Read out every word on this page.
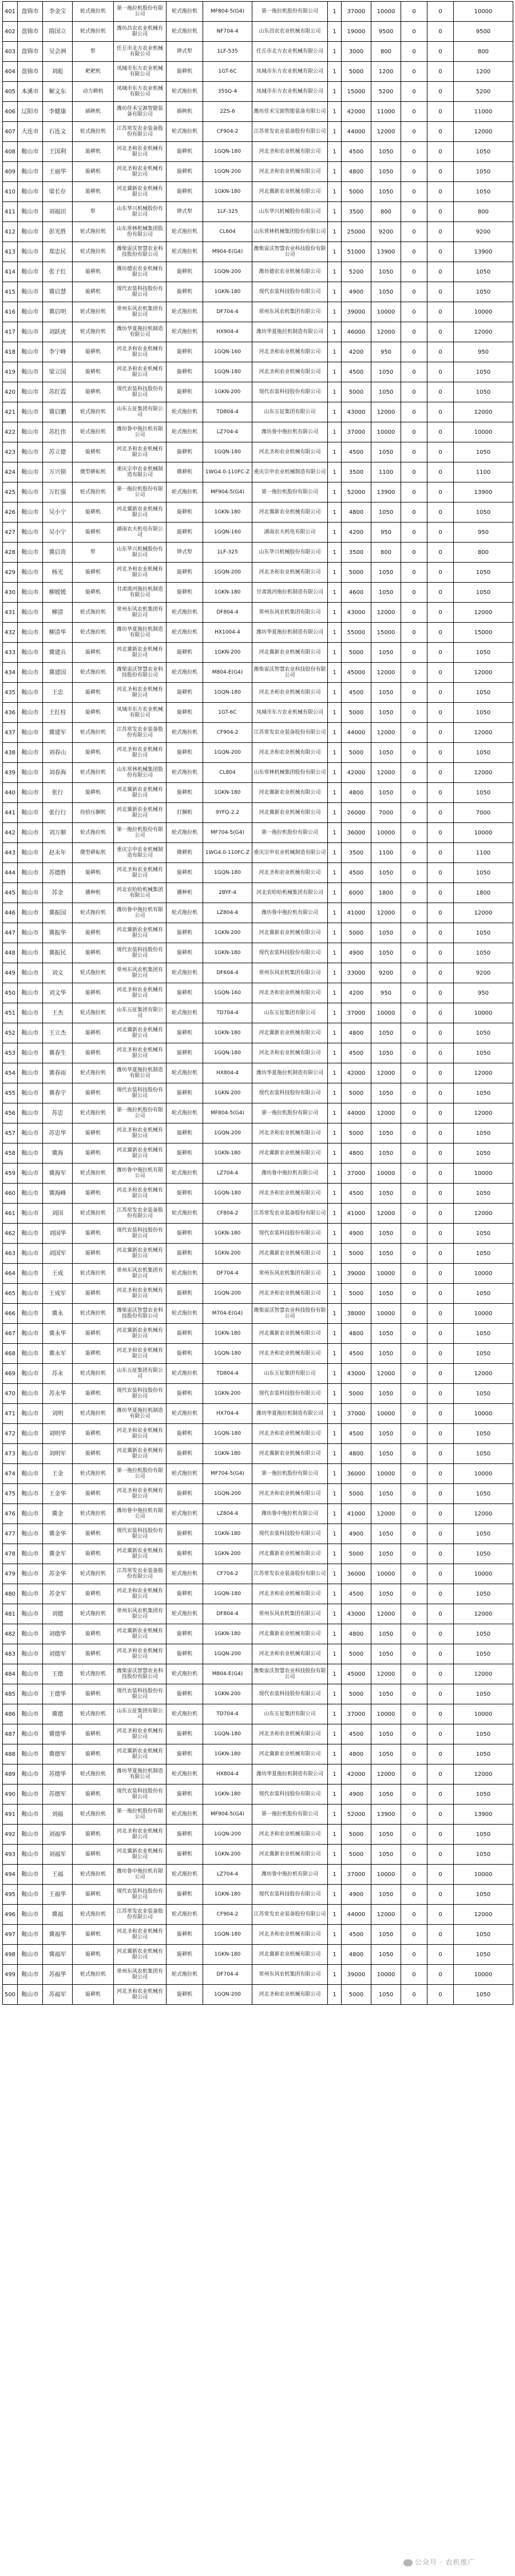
401	盘锦市	李金宝	轮式拖拉机	第一拖拉机股份有限公司	轮式拖拉机	MF804-5(G4)	第一拖拉机股份有限公司	1	37000	10000	0	0	10000
402	盘锦市	隋国立	轮式拖拉机	潍坊昌农农业机械有限公司	轮式拖拉机	NF704-4	山东昌农农业机械有限公司	1	19000	9500	0	0	9500
403	盘锦市	吴会洲	犁	任丘市北方农业机械有限公司	铧式犁	1LF-535	任丘市北方农业机械有限公司	1	3000	800	0	0	800
404	盘锦市	刘彪	耙耙机	凤城市东方农业机械有限公司	旋耕机	1GT-6C	凤城市东方农业机械有限公司	1	5000	1200	0	0	1200
405	本溪市	解文东	动力耕机	凤城市东方农业机械有限公司	轮式拖拉机	35SQ-4	凤城市东方农业机械有限公司	1	15000	5200	0	0	5200
406	辽阳市	李健康	插秧机	潍坊佳禾宝源智能装备有限公司	插秧机	2ZS-6	潍坊佳禾宝源智能装备有限公司	1	42000	11000	0	0	11000
407	大连市	石连文	轮式拖拉机	江苏常发农业装备股份有限公司	轮式拖拉机	CF904-2	江苏常发农业装备股份有限公司	1	44000	12000	0	0	12000
408	鞍山市	王国利	旋耕机	河北圣和农业机械有限公司	旋耕机	1GQN-180	河北圣和农业机械有限公司	1	4500	1050	0	0	1050
409	鞍山市	王丽华	旋耕机	河北圣和农业机械有限公司	旋耕机	1GQN-200	河北圣和农业机械有限公司	1	4800	1050	0	0	1050
410	鞍山市	梁长存	旋耕机	河北冀新农业机械有限公司	旋耕机	1GKN-180	河北冀新农业机械有限公司	1	5000	1050	0	0	1050
411	鞍山市	刘福田	犁	山东华兴机械股份有限公司	铧式犁	1LF-325	山东华兴机械股份有限公司	1	3500	800	0	0	800
412	鞍山市	彭光胜	轮式拖拉机	山东常林机械集团股份有限公司	轮式拖拉机	CL604	山东常林机械集团股份有限公司	1	25000	9200	0	0	9200
413	鞍山市	郑忠民	轮式拖拉机	潍柴雷沃智慧农业科技股份有限公司	轮式拖拉机	M904-E(G4)	潍柴雷沃智慧农业科技股份有限公司	1	51000	13900	0	0	13900
414	鞍山市	张子红	旋耕机	潍坊德农农业机械有限公司	旋耕机	1GQN-200	潍坊德农农业机械有限公司	1	5200	1050	0	0	1050
415	鞍山市	冀启慧	旋耕机	现代农装科技股份有限公司	旋耕机	1GKN-180	现代农装科技股份有限公司	1	4900	1050	0	0	1050
416	鞍山市	冀启明	轮式拖拉机	常州东风农机集团有限公司	轮式拖拉机	DF704-4	常州东风农机集团有限公司	1	39000	10000	0	0	10000
417	鞍山市	刘跃虎	轮式拖拉机	潍坊华夏拖拉机制造有限公司	轮式拖拉机	HX904-4	潍坊华夏拖拉机制造有限公司	1	46000	12000	0	0	12000
418	鞍山市	李宁峰	旋耕机	河北圣和农业机械有限公司	旋耕机	1GQN-160	河北圣和农业机械有限公司	1	4200	950	0	0	950
419	鞍山市	梁立国	旋耕机	河北圣和农业机械有限公司	旋耕机	1GQN-180	河北圣和农业机械有限公司	1	4500	1050	0	0	1050
420	鞍山市	苏红霞	旋耕机	现代农装科技股份有限公司	旋耕机	1GKN-200	现代农装科技股份有限公司	1	5000	1050	0	0	1050
421	鞍山市	冀启鹏	轮式拖拉机	山东五征集团有限公司	轮式拖拉机	TD804-4	山东五征集团有限公司	1	43000	12000	0	0	12000
422	鞍山市	苏红伟	轮式拖拉机	潍坊鲁中拖拉机有限公司	轮式拖拉机	LZ704-4	潍坊鲁中拖拉机有限公司	1	37000	10000	0	0	10000
423	鞍山市	苏立德	旋耕机	河北圣和农业机械有限公司	旋耕机	1GQN-180	河北圣和农业机械有限公司	1	4500	1050	0	0	1050
424	鞍山市	万兴锁	微型耕耘机	重庆宗申农业机械制造有限公司	微耕机	1WG4.0-110FC-Z	重庆宗申农业机械制造有限公司	1	3500	1100	0	0	1100
425	鞍山市	万红强	轮式拖拉机	第一拖拉机股份有限公司	轮式拖拉机	MF904-5(G4)	第一拖拉机股份有限公司	1	52000	13900	0	0	13900
426	鞍山市	吴小宁	旋耕机	河北冀新农业机械有限公司	旋耕机	1GKN-180	河北冀新农业机械有限公司	1	4800	1050	0	0	1050
427	鞍山市	吴小宁	旋耕机	湖南农夫机电有限公司	旋耕机	1GQN-160	湖南农夫机电有限公司	1	4200	950	0	0	950
428	鞍山市	冀启贵	犁	山东华兴机械股份有限公司	铧式犁	1LF-325	山东华兴机械股份有限公司	1	3500	800	0	0	800
429	鞍山市	杨光	旋耕机	河北圣和农业机械有限公司	旋耕机	1GQN-200	河北圣和农业机械有限公司	1	5000	1050	0	0	1050
430	鞍山市	柳媛媛	旋耕机	甘肃洮河拖拉机制造有限公司	旋耕机	1GKN-180	甘肃洮河拖拉机制造有限公司	1	4600	1050	0	0	1050
431	鞍山市	柳清	轮式拖拉机	常州东风农机集团有限公司	轮式拖拉机	DF804-4	常州东风农机集团有限公司	1	43000	12000	0	0	12000
432	鞍山市	柳清华	轮式拖拉机	潍坊华夏拖拉机制造有限公司	轮式拖拉机	HX1004-4	潍坊华夏拖拉机制造有限公司	1	55000	15000	0	0	15000
433	鞍山市	冀建兵	旋耕机	河北冀新农业机械有限公司	旋耕机	1GKN-200	河北冀新农业机械有限公司	1	5000	1050	0	0	1050
434	鞍山市	冀建国	轮式拖拉机	潍柴雷沃智慧农业科技股份有限公司	轮式拖拉机	M804-E(G4)	潍柴雷沃智慧农业科技股份有限公司	1	45000	12000	0	0	12000
435	鞍山市	王忠	旋耕机	河北圣和农业机械有限公司	旋耕机	1GQN-180	河北圣和农业机械有限公司	1	4500	1050	0	0	1050
436	鞍山市	王红柱	旋耕机	凤城市东方农业机械有限公司	旋耕机	1GT-6C	凤城市东方农业机械有限公司	1	5000	1050	0	0	1050
437	鞍山市	冀建军	轮式拖拉机	江苏常发农业装备股份有限公司	轮式拖拉机	CF904-2	江苏常发农业装备股份有限公司	1	44000	12000	0	0	12000
438	鞍山市	刘春山	旋耕机	河北圣和农业机械有限公司	旋耕机	1GQN-200	河北圣和农业机械有限公司	1	5000	1050	0	0	1050
439	鞍山市	刘春海	轮式拖拉机	山东常林机械集团股份有限公司	轮式拖拉机	CL804	山东常林机械集团股份有限公司	1	42000	12000	0	0	12000
440	鞍山市	张行	旋耕机	河北冀新农业机械有限公司	旋耕机	1GKN-180	河北冀新农业机械有限公司	1	4800	1050	0	0	1050
441	鞍山市	张行行	捡拾压捆机	河北冀新农业机械有限公司	打捆机	9YFQ-2.2	河北冀新农业机械有限公司	1	26000	7000	0	0	7000
442	鞍山市	刘万顺	轮式拖拉机	第一拖拉机股份有限公司	轮式拖拉机	MF704-5(G4)	第一拖拉机股份有限公司	1	36000	10000	0	0	10000
443	鞍山市	赵永年	微型耕耘机	重庆宗申农业机械制造有限公司	微耕机	1WG4.0-110FC-Z	重庆宗申农业机械制造有限公司	1	3500	1100	0	0	1100
444	鞍山市	苏德胜	旋耕机	河北圣和农业机械有限公司	旋耕机	1GQN-180	河北圣和农业机械有限公司	1	4500	1050	0	0	1050
445	鞍山市	苏金	播种机	河北农哈哈机械集团有限公司	播种机	2BYF-4	河北农哈哈机械集团有限公司	1	6000	1800	0	0	1800
446	鞍山市	冀振国	轮式拖拉机	潍坊鲁中拖拉机有限公司	轮式拖拉机	LZ804-4	潍坊鲁中拖拉机有限公司	1	41000	12000	0	0	12000
447	鞍山市	冀振华	旋耕机	河北冀新农业机械有限公司	旋耕机	1GKN-200	河北冀新农业机械有限公司	1	5000	1050	0	0	1050
448	鞍山市	冀振民	旋耕机	现代农装科技股份有限公司	旋耕机	1GKN-180	现代农装科技股份有限公司	1	4900	1050	0	0	1050
449	鞍山市	刘文	轮式拖拉机	常州东风农机集团有限公司	轮式拖拉机	DF604-4	常州东风农机集团有限公司	1	33000	9200	0	0	9200
450	鞍山市	刘文华	旋耕机	河北圣和农业机械有限公司	旋耕机	1GQN-160	河北圣和农业机械有限公司	1	4200	950	0	0	950
451	鞍山市	王杰	轮式拖拉机	山东五征集团有限公司	轮式拖拉机	TD704-4	山东五征集团有限公司	1	37000	10000	0	0	10000
452	鞍山市	王立杰	旋耕机	河北冀新农业机械有限公司	旋耕机	1GKN-180	河北冀新农业机械有限公司	1	4800	1050	0	0	1050
453	鞍山市	冀春生	旋耕机	河北圣和农业机械有限公司	旋耕机	1GQN-180	河北圣和农业机械有限公司	1	4500	1050	0	0	1050
454	鞍山市	冀春雨	轮式拖拉机	潍坊华夏拖拉机制造有限公司	轮式拖拉机	HX804-4	潍坊华夏拖拉机制造有限公司	1	42000	12000	0	0	12000
455	鞍山市	冀春宇	旋耕机	现代农装科技股份有限公司	旋耕机	1GKN-200	现代农装科技股份有限公司	1	5000	1050	0	0	1050
456	鞍山市	苏忠	轮式拖拉机	第一拖拉机股份有限公司	轮式拖拉机	MF804-5(G4)	第一拖拉机股份有限公司	1	44000	12000	0	0	12000
457	鞍山市	苏忠华	旋耕机	河北圣和农业机械有限公司	旋耕机	1GQN-200	河北圣和农业机械有限公司	1	5000	1050	0	0	1050
458	鞍山市	冀海	旋耕机	河北冀新农业机械有限公司	旋耕机	1GKN-180	河北冀新农业机械有限公司	1	4800	1050	0	0	1050
459	鞍山市	冀海军	轮式拖拉机	潍坊鲁中拖拉机有限公司	轮式拖拉机	LZ704-4	潍坊鲁中拖拉机有限公司	1	37000	10000	0	0	10000
460	鞍山市	冀海峰	旋耕机	河北圣和农业机械有限公司	旋耕机	1GQN-180	河北圣和农业机械有限公司	1	4500	1050	0	0	1050
461	鞍山市	刘国	轮式拖拉机	江苏常发农业装备股份有限公司	轮式拖拉机	CF804-2	江苏常发农业装备股份有限公司	1	41000	12000	0	0	12000
462	鞍山市	刘国华	旋耕机	现代农装科技股份有限公司	旋耕机	1GKN-180	现代农装科技股份有限公司	1	4900	1050	0	0	1050
463	鞍山市	刘国军	旋耕机	河北冀新农业机械有限公司	旋耕机	1GKN-200	河北冀新农业机械有限公司	1	5000	1050	0	0	1050
464	鞍山市	王成	轮式拖拉机	常州东风农机集团有限公司	轮式拖拉机	DF704-4	常州东风农机集团有限公司	1	39000	10000	0	0	10000
465	鞍山市	王成军	旋耕机	河北圣和农业机械有限公司	旋耕机	1GQN-200	河北圣和农业机械有限公司	1	5000	1050	0	0	1050
466	鞍山市	冀永	轮式拖拉机	潍柴雷沃智慧农业科技股份有限公司	轮式拖拉机	M704-E(G4)	潍柴雷沃智慧农业科技股份有限公司	1	38000	10000	0	0	10000
467	鞍山市	冀永华	旋耕机	河北冀新农业机械有限公司	旋耕机	1GKN-180	河北冀新农业机械有限公司	1	4800	1050	0	0	1050
468	鞍山市	冀永军	旋耕机	河北圣和农业机械有限公司	旋耕机	1GQN-180	河北圣和农业机械有限公司	1	4500	1050	0	0	1050
469	鞍山市	苏永	轮式拖拉机	山东五征集团有限公司	轮式拖拉机	TD804-4	山东五征集团有限公司	1	43000	12000	0	0	12000
470	鞍山市	苏永华	旋耕机	现代农装科技股份有限公司	旋耕机	1GKN-200	现代农装科技股份有限公司	1	5000	1050	0	0	1050
471	鞍山市	刘明	轮式拖拉机	潍坊华夏拖拉机制造有限公司	轮式拖拉机	HX704-4	潍坊华夏拖拉机制造有限公司	1	37000	10000	0	0	10000
472	鞍山市	刘明华	旋耕机	河北圣和农业机械有限公司	旋耕机	1GQN-180	河北圣和农业机械有限公司	1	4500	1050	0	0	1050
473	鞍山市	刘明军	旋耕机	河北冀新农业机械有限公司	旋耕机	1GKN-180	河北冀新农业机械有限公司	1	4800	1050	0	0	1050
474	鞍山市	王金	轮式拖拉机	第一拖拉机股份有限公司	轮式拖拉机	MF704-5(G4)	第一拖拉机股份有限公司	1	36000	10000	0	0	10000
475	鞍山市	王金华	旋耕机	河北圣和农业机械有限公司	旋耕机	1GQN-200	河北圣和农业机械有限公司	1	5000	1050	0	0	1050
476	鞍山市	冀金	轮式拖拉机	潍坊鲁中拖拉机有限公司	轮式拖拉机	LZ804-4	潍坊鲁中拖拉机有限公司	1	41000	12000	0	0	12000
477	鞍山市	冀金华	旋耕机	现代农装科技股份有限公司	旋耕机	1GKN-180	现代农装科技股份有限公司	1	4900	1050	0	0	1050
478	鞍山市	冀金军	旋耕机	河北冀新农业机械有限公司	旋耕机	1GKN-200	河北冀新农业机械有限公司	1	5000	1050	0	0	1050
479	鞍山市	苏金华	轮式拖拉机	江苏常发农业装备股份有限公司	轮式拖拉机	CF704-2	江苏常发农业装备股份有限公司	1	36000	10000	0	0	10000
480	鞍山市	苏金军	旋耕机	河北圣和农业机械有限公司	旋耕机	1GQN-180	河北圣和农业机械有限公司	1	4500	1050	0	0	1050
481	鞍山市	刘德	轮式拖拉机	常州东风农机集团有限公司	轮式拖拉机	DF804-4	常州东风农机集团有限公司	1	43000	12000	0	0	12000
482	鞍山市	刘德华	旋耕机	河北冀新农业机械有限公司	旋耕机	1GKN-180	河北冀新农业机械有限公司	1	4800	1050	0	0	1050
483	鞍山市	刘德军	旋耕机	河北圣和农业机械有限公司	旋耕机	1GQN-200	河北圣和农业机械有限公司	1	5000	1050	0	0	1050
484	鞍山市	王德	轮式拖拉机	潍柴雷沃智慧农业科技股份有限公司	轮式拖拉机	M804-E(G4)	潍柴雷沃智慧农业科技股份有限公司	1	45000	12000	0	0	12000
485	鞍山市	王德华	旋耕机	现代农装科技股份有限公司	旋耕机	1GKN-200	现代农装科技股份有限公司	1	5000	1050	0	0	1050
486	鞍山市	冀德	轮式拖拉机	山东五征集团有限公司	轮式拖拉机	TD704-4	山东五征集团有限公司	1	37000	10000	0	0	10000
487	鞍山市	冀德华	旋耕机	河北圣和农业机械有限公司	旋耕机	1GQN-180	河北圣和农业机械有限公司	1	4500	1050	0	0	1050
488	鞍山市	冀德军	旋耕机	河北冀新农业机械有限公司	旋耕机	1GKN-180	河北冀新农业机械有限公司	1	4800	1050	0	0	1050
489	鞍山市	苏德华	轮式拖拉机	潍坊华夏拖拉机制造有限公司	轮式拖拉机	HX804-4	潍坊华夏拖拉机制造有限公司	1	42000	12000	0	0	12000
490	鞍山市	苏德军	旋耕机	现代农装科技股份有限公司	旋耕机	1GKN-180	现代农装科技股份有限公司	1	4900	1050	0	0	1050
491	鞍山市	刘福	轮式拖拉机	第一拖拉机股份有限公司	轮式拖拉机	MF904-5(G4)	第一拖拉机股份有限公司	1	52000	13900	0	0	13900
492	鞍山市	刘福华	旋耕机	河北圣和农业机械有限公司	旋耕机	1GQN-200	河北圣和农业机械有限公司	1	5000	1050	0	0	1050
493	鞍山市	刘福军	旋耕机	河北冀新农业机械有限公司	旋耕机	1GKN-200	河北冀新农业机械有限公司	1	5000	1050	0	0	1050
494	鞍山市	王福	轮式拖拉机	潍坊鲁中拖拉机有限公司	轮式拖拉机	LZ704-4	潍坊鲁中拖拉机有限公司	1	37000	10000	0	0	10000
495	鞍山市	王福华	旋耕机	现代农装科技股份有限公司	旋耕机	1GKN-180	现代农装科技股份有限公司	1	4900	1050	0	0	1050
496	鞍山市	冀福	轮式拖拉机	江苏常发农业装备股份有限公司	轮式拖拉机	CF904-2	江苏常发农业装备股份有限公司	1	44000	12000	0	0	12000
497	鞍山市	冀福华	旋耕机	河北圣和农业机械有限公司	旋耕机	1GQN-180	河北圣和农业机械有限公司	1	4500	1050	0	0	1050
498	鞍山市	冀福军	旋耕机	河北冀新农业机械有限公司	旋耕机	1GKN-180	河北冀新农业机械有限公司	1	4800	1050	0	0	1050
499	鞍山市	苏福华	轮式拖拉机	常州东风农机集团有限公司	轮式拖拉机	DF704-4	常州东风农机集团有限公司	1	39000	10000	0	0	10000
500	鞍山市	苏福军	旋耕机	河北圣和农业机械有限公司	旋耕机	1GQN-200	河北圣和农业机械有限公司	1	5000	1050	0	0	1050
公众号 · 农机推广
